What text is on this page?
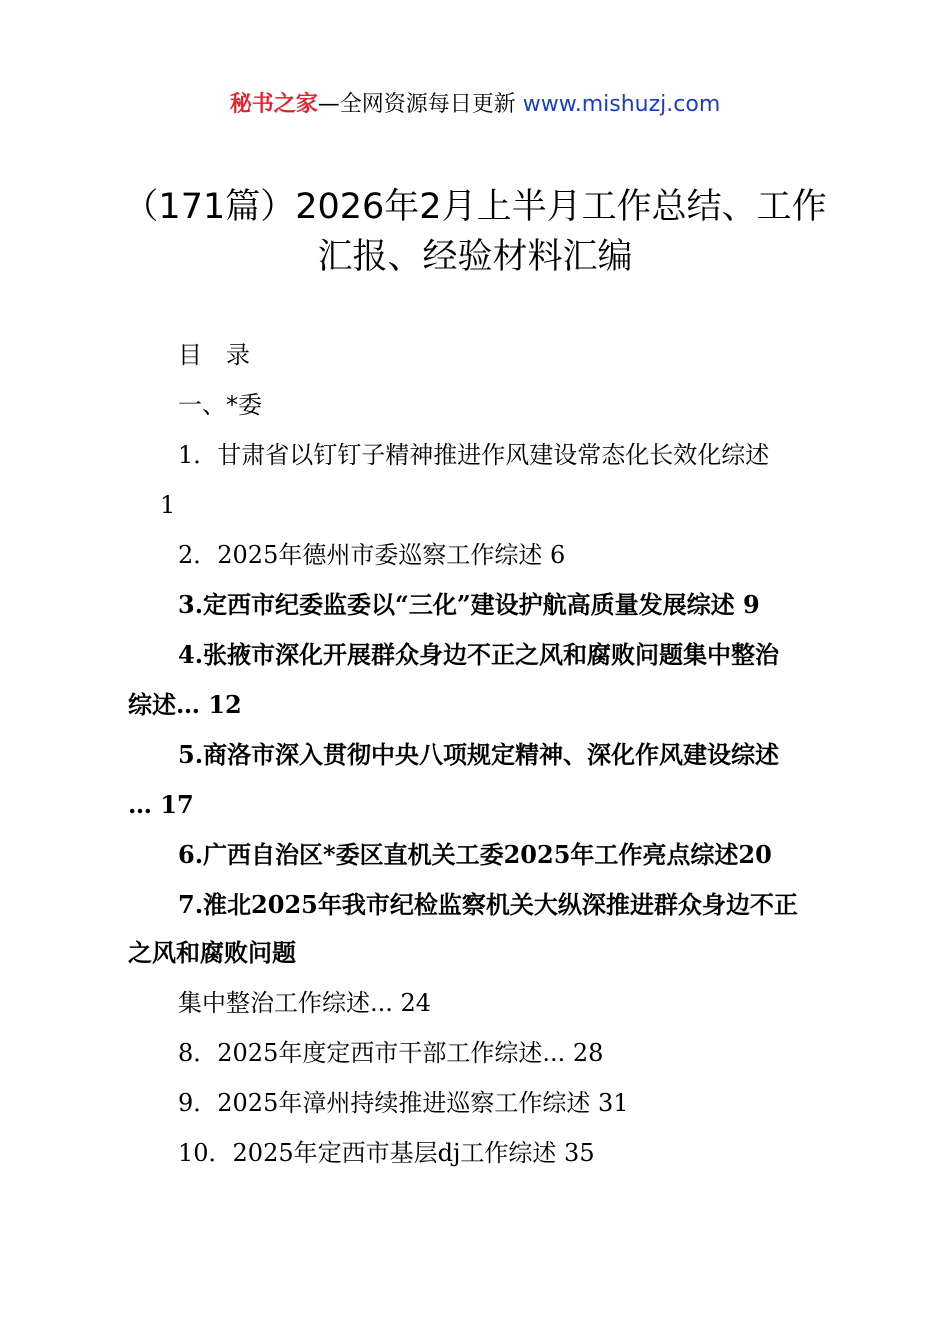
秘书之家—全网资源每日更新 www.mishuzj.com
（171篇）2026年2月上半月工作总结、工作汇报、经验材料汇编
目　录
一、*委
1．甘肃省以钉钉子精神推进作风建设常态化长效化综述
1
2．2025年德州市委巡察工作综述 6
3.定西市纪委监委以“三化”建设护航高质量发展综述 9
4.张掖市深化开展群众身边不正之风和腐败问题集中整治
综述… 12
5.商洛市深入贯彻中央八项规定精神、深化作风建设综述
… 17
6.广西自治区*委区直机关工委2025年工作亮点综述20
7.淮北2025年我市纪检监察机关大纵深推进群众身边不正
之风和腐败问题
集中整治工作综述... 24
8．2025年度定西市干部工作综述... 28
9．2025年漳州持续推进巡察工作综述 31
10．2025年定西市基层dj工作综述 35
